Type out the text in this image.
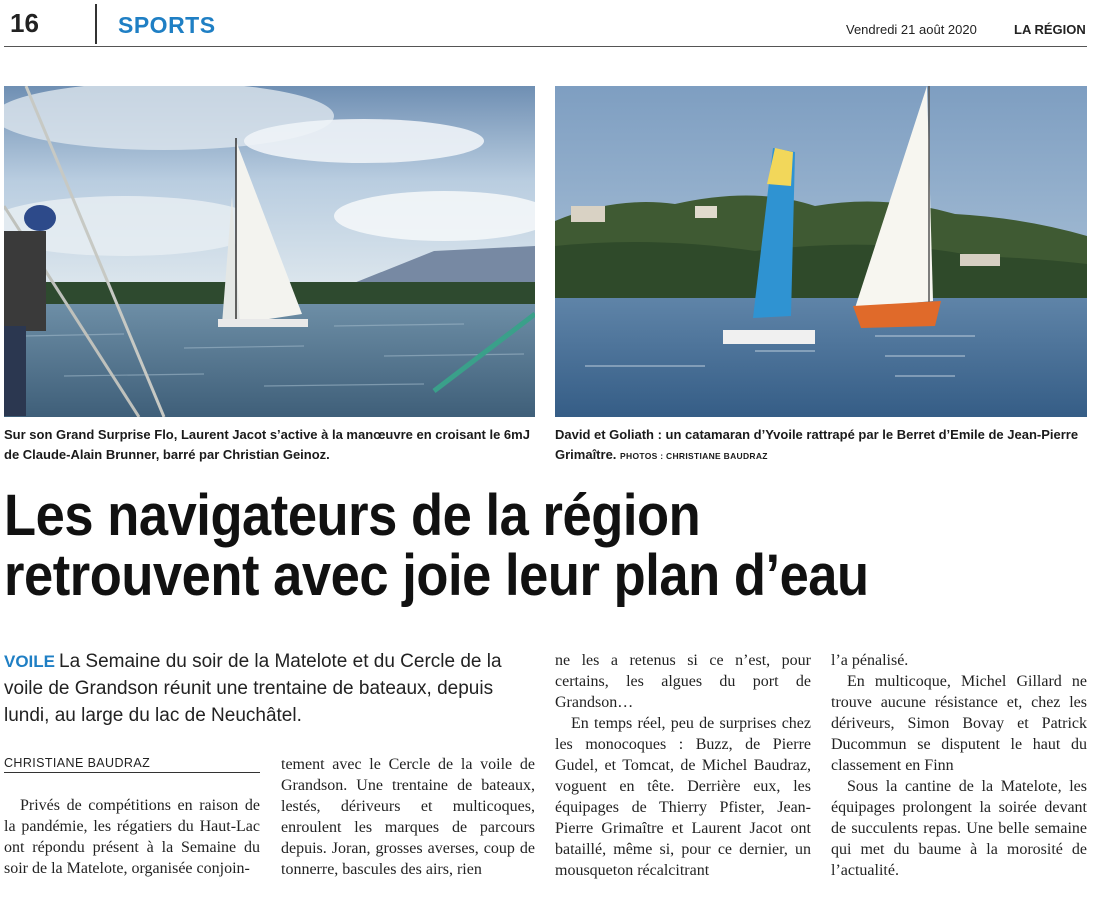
16	SPORTS	Vendredi 21 août 2020	LA RÉGION
Sur son Grand Surprise Flo, Laurent Jacot s’active à la manœuvre en croisant le 6mJ de Claude-Alain Brunner, barré par Christian Geinoz.
David et Goliath : un catamaran d’Yvoile rattrapé par le Berret d’Emile de Jean-Pierre Grimaître. PHOTOS : CHRISTIANE BAUDRAZ
Les navigateurs de la région
retrouvent avec joie leur plan d’eau
VOILE La Semaine du soir de la Matelote et du Cercle de la voile de Grandson réunit une trentaine de bateaux, depuis lundi, au large du lac de Neuchâtel.
CHRISTIANE BAUDRAZ

Privés de compétitions en raison de la pandémie, les régatiers du Haut-Lac ont répondu présent à la Semaine du soir de la Matelote, organisée conjoin-

tement avec le Cercle de la voile de Grandson. Une trentaine de bateaux, lestés, dériveurs et multicoques, enroulent les marques de parcours depuis. Joran, grosses averses, coup de tonnerre, bascules des airs, rien

ne les a retenus si ce n’est, pour certains, les algues du port de Grandson…

En temps réel, peu de surprises chez les monocoques : Buzz, de Pierre Gudel, et Tomcat, de Michel Baudraz, voguent en tête. Derrière eux, les équipages de Thierry Pfister, Jean-Pierre Grimaître et Laurent Jacot ont bataillé, même si, pour ce dernier, un mousqueton récalcitrant

l’a pénalisé.

En multicoque, Michel Gillard ne trouve aucune résistance et, chez les dériveurs, Simon Bovay et Patrick Ducommun se disputent le haut du classement en Finn

Sous la cantine de la Matelote, les équipages prolongent la soirée devant de succulents repas. Une belle semaine qui met du baume à la morosité de l’actualité.
